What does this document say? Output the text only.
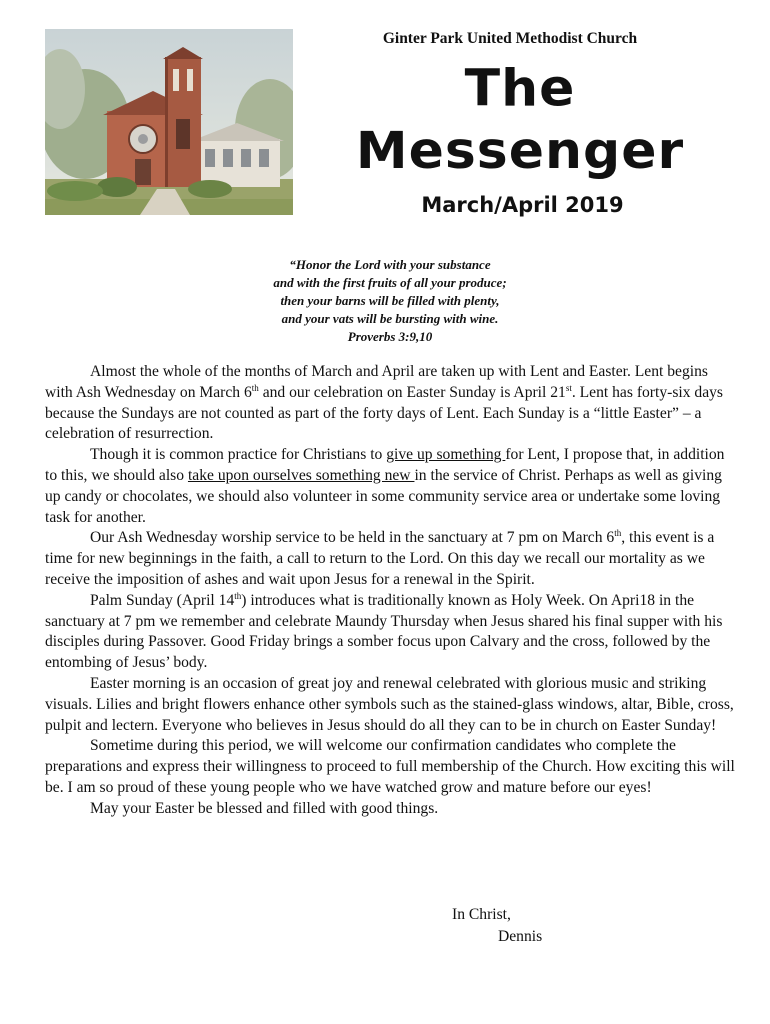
Ginter Park United Methodist Church
The
Messenger
March/April 2019
“Honor the Lord with your substance
and with the first fruits of all your produce;
then your barns will be filled with plenty,
and your vats will be bursting with wine.
Proverbs 3:9,10

Almost the whole of the months of March and April are taken up with Lent and Easter. Lent begins with Ash Wednesday on March 6th and our celebration on Easter Sunday is April 21st. Lent has forty-six days because the Sundays are not counted as part of the forty days of Lent. Each Sunday is a “little Easter” – a celebration of resurrection.

Though it is common practice for Christians to give up something for Lent, I propose that, in addition to this, we should also take upon ourselves something new in the service of Christ. Perhaps as well as giving up candy or chocolates, we should also volunteer in some community service area or undertake some loving task for another.

Our Ash Wednesday worship service to be held in the sanctuary at 7 pm on March 6th, this event is a time for new beginnings in the faith, a call to return to the Lord. On this day we recall our mortality as we receive the imposition of ashes and wait upon Jesus for a renewal in the Spirit.

Palm Sunday (April 14th) introduces what is traditionally known as Holy Week. On Apri18 in the sanctuary at 7 pm we remember and celebrate Maundy Thursday when Jesus shared his final supper with his disciples during Passover. Good Friday brings a somber focus upon Calvary and the cross, followed by the entombing of Jesus’ body.

Easter morning is an occasion of great joy and renewal celebrated with glorious music and striking visuals. Lilies and bright flowers enhance other symbols such as the stained-glass windows, altar, Bible, cross, pulpit and lectern. Everyone who believes in Jesus should do all they can to be in church on Easter Sunday!

Sometime during this period, we will welcome our confirmation candidates who complete the preparations and express their willingness to proceed to full membership of the Church. How exciting this will be. I am so proud of these young people who we have watched grow and mature before our eyes!

May your Easter be blessed and filled with good things.

In Christ,
Dennis
